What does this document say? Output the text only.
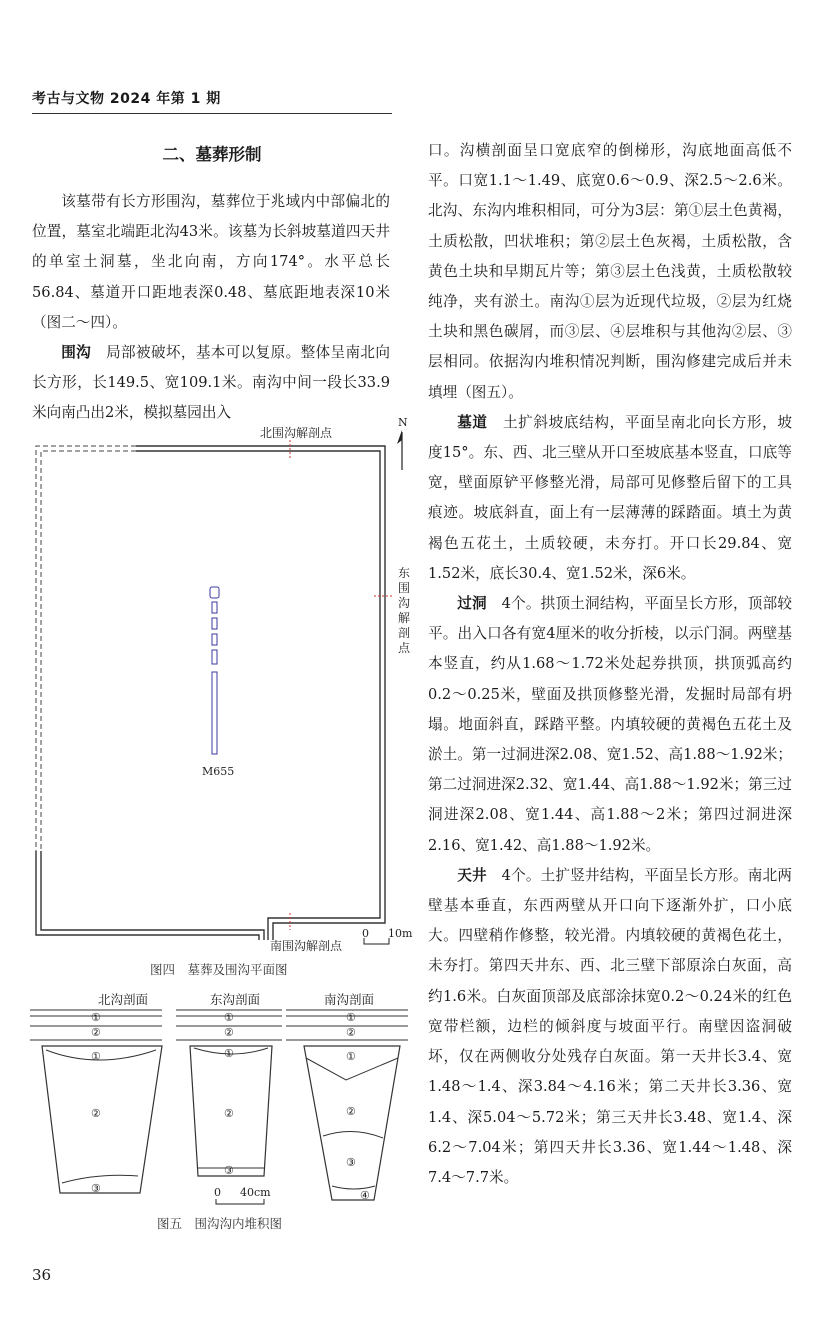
考古与文物 2024 年第 1 期
二、墓葬形制

该墓带有长方形围沟，墓葬位于兆域内中部偏北的位置，墓室北端距北沟43米。该墓为长斜坡墓道四天井的单室土洞墓，坐北向南，方向174°。水平总长56.84、墓道开口距地表深0.48、墓底距地表深10米（图二～四）。

围沟　 局部被破坏，基本可以复原。整体呈南北向长方形，长149.5、宽109.1米。南沟中间一段长33.9米向南凸出2米，模拟墓园出入

口。沟横剖面呈口宽底窄的倒梯形，沟底地面高低不平。口宽1.1～1.49、底宽0.6～0.9、深2.5～2.6米。北沟、东沟内堆积相同，可分为3层：第①层土色黄褐，土质松散，凹状堆积；第②层土色灰褐，土质松散，含黄色土块和早期瓦片等；第③层土色浅黄，土质松散较纯净，夹有淤土。南沟①层为近现代垃圾，②层为红烧土块和黑色碳屑，而③层、④层堆积与其他沟②层、③层相同。依据沟内堆积情况判断，围沟修建完成后并未填埋（图五）。

墓道　 土扩斜坡底结构，平面呈南北向长方形，坡度15°。东、西、北三壁从开口至坡底基本竖直，口底等宽，壁面原铲平修整光滑，局部可见修整后留下的工具痕迹。坡底斜直，面上有一层薄薄的踩踏面。填土为黄褐色五花土，土质较硬，未夯打。开口长29.84、宽1.52米，底长30.4、宽1.52米，深6米。

过洞　 4个。拱顶土洞结构，平面呈长方形，顶部较平。出入口各有宽4厘米的收分折棱，以示门洞。两壁基本竖直，约从1.68～1.72米处起券拱顶，拱顶弧高约0.2～0.25米，壁面及拱顶修整光滑，发掘时局部有坍塌。地面斜直，踩踏平整。内填较硬的黄褐色五花土及淤土。第一过洞进深2.08、宽1.52、高1.88～1.92米；第二过洞进深2.32、宽1.44、高1.88～1.92米；第三过洞进深2.08、宽1.44、高1.88～2米；第四过洞进深2.16、宽1.42、高1.88～1.92米。

天井　 4个。土扩竖井结构，平面呈长方形。南北两壁基本垂直，东西两壁从开口向下逐渐外扩，口小底大。四壁稍作修整，较光滑。内填较硬的黄褐色花土，未夯打。第四天井东、西、北三壁下部原涂白灰面，高约1.6米。白灰面顶部及底部涂抹宽0.2～0.24米的红色宽带栏额，边栏的倾斜度与坡面平行。南壁因盗洞破坏，仅在两侧收分处残存白灰面。第一天井长3.4、宽1.48～1.4、深3.84～4.16米；第二天井长3.36、宽1.4、深5.04～5.72米；第三天井长3.48、宽1.4、深6.2～7.04米；第四天井长3.36、宽1.44～1.48、深7.4～7.7米。

北围沟解剖点
南围沟解剖点
N
M655
0 10m
东围沟解剖点
图四　墓葬及围沟平面图
北沟剖面
①
②
①
②
③
东沟剖面
①
②
①
②
③
南沟剖面
①
②
①
②
③
④
0 40cm
图五　围沟沟内堆积图
36
